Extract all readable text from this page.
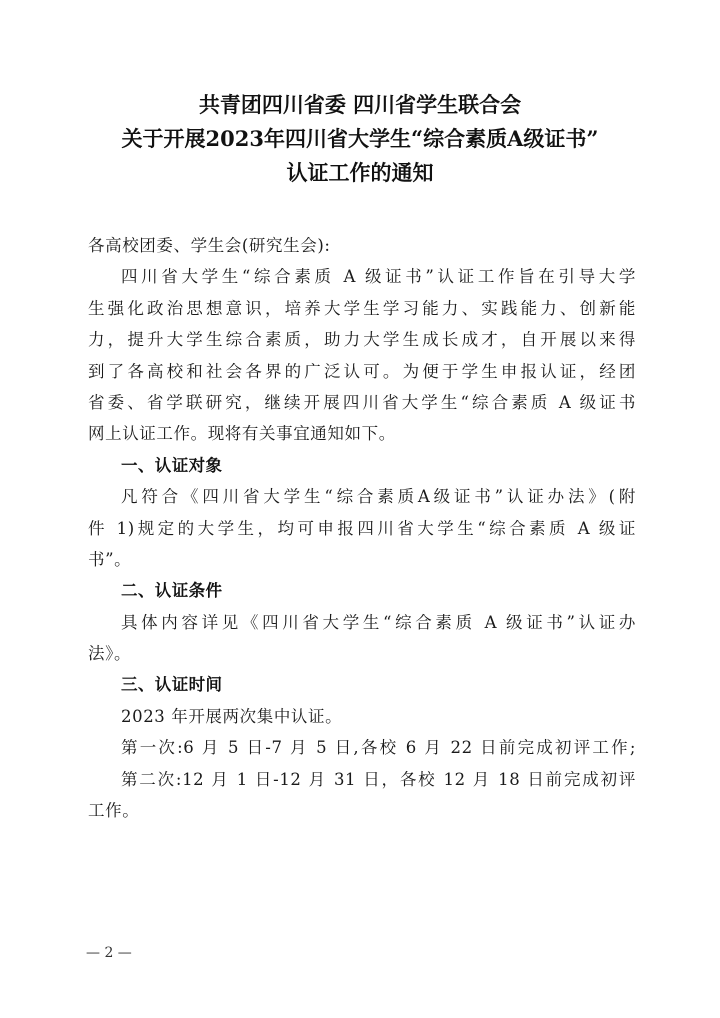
共青团四川省委 四川省学生联合会
关于开展2023年四川省大学生“综合素质A级证书”
认证工作的通知
各高校团委、学生会(研究生会):
四川省大学生“综合素质 A 级证书”认证工作旨在引导大学
生强化政治思想意识，培养大学生学习能力、实践能力、创新能
力，提升大学生综合素质，助力大学生成长成才，自开展以来得
到了各高校和社会各界的广泛认可。为便于学生申报认证，经团
省委、省学联研究，继续开展四川省大学生“综合素质 A 级证书
网上认证工作。现将有关事宜通知如下。
一、认证对象
凡符合《四川省大学生“综合素质A级证书”认证办法》(附
件 1)规定的大学生，均可申报四川省大学生“综合素质 A 级证
书”。
二、认证条件
具体内容详见《四川省大学生“综合素质 A 级证书”认证办
法》。
三、认证时间
2023 年开展两次集中认证。
第一次:6 月 5 日-7 月 5 日,各校 6 月 22 日前完成初评工作;
第二次:12 月 1 日-12 月 31 日，各校 12 月 18 日前完成初评
工作。
— 2 —
